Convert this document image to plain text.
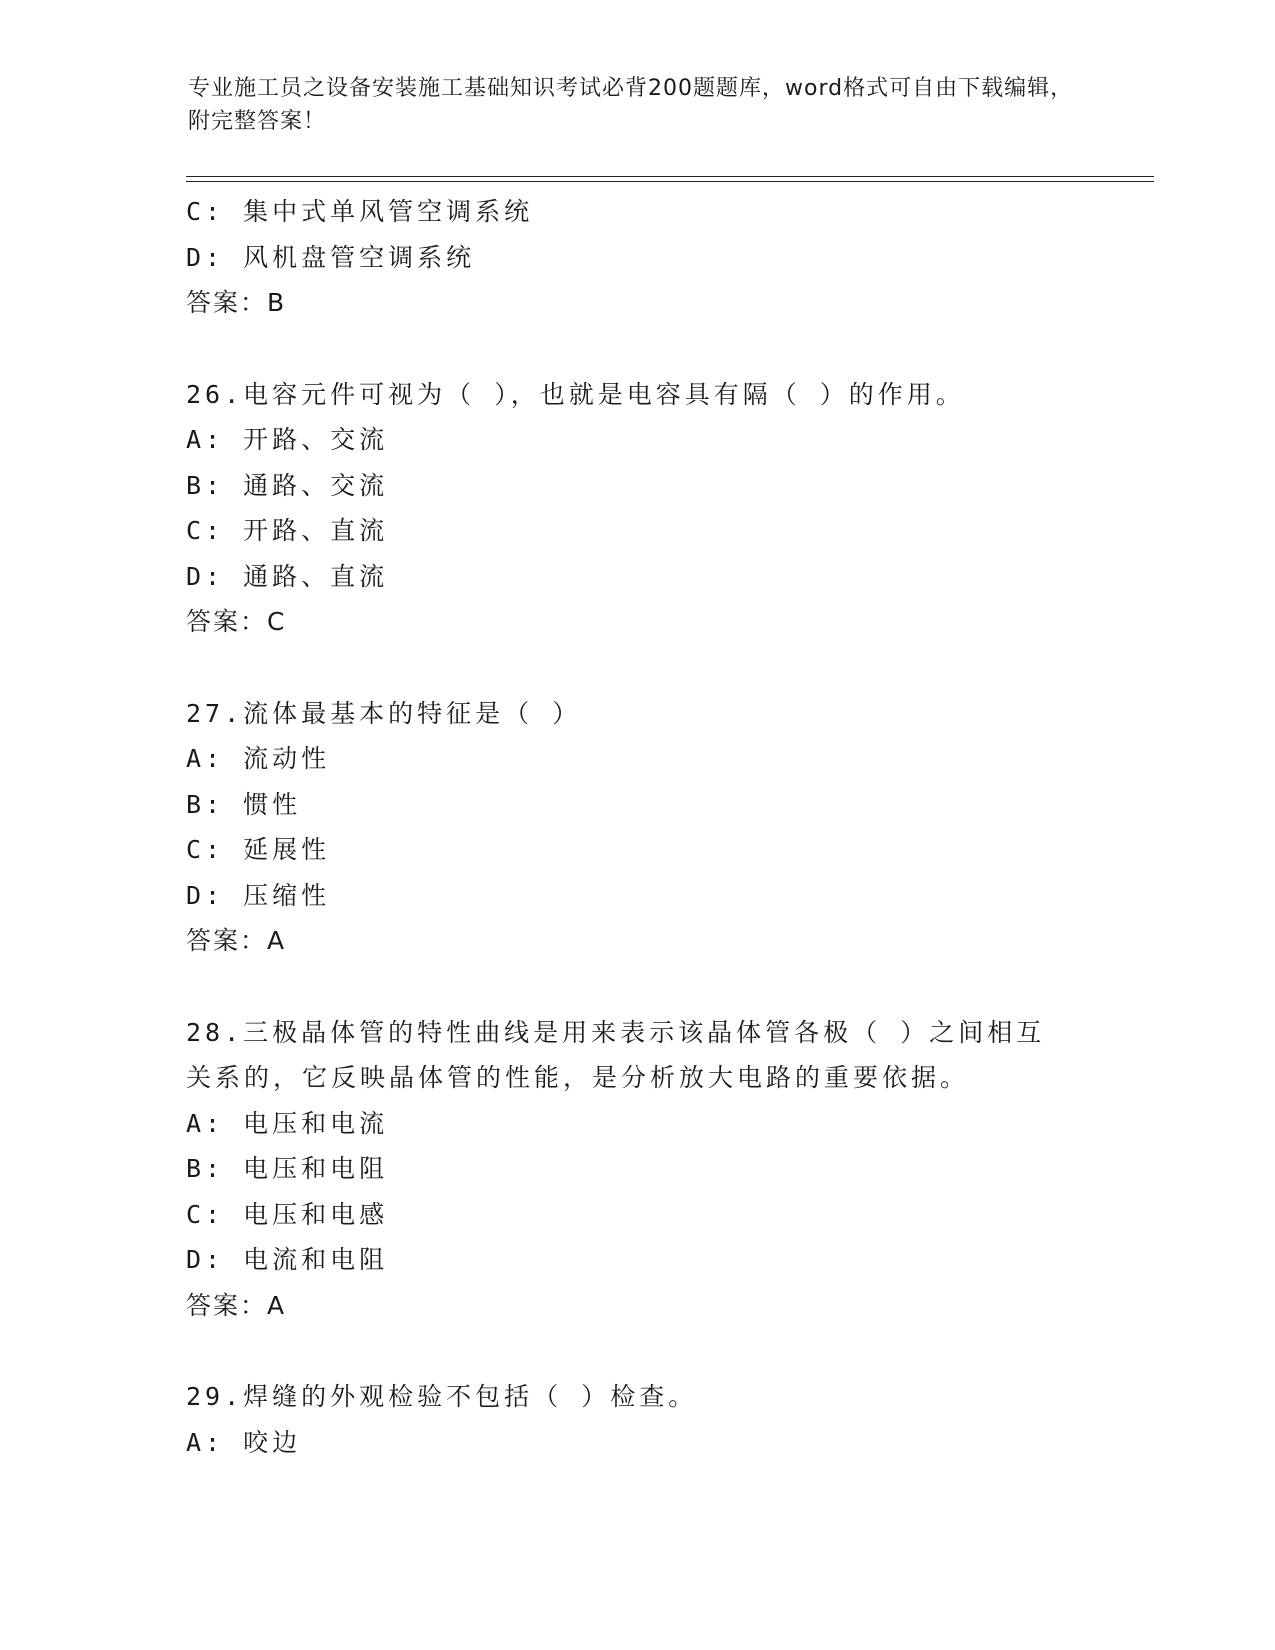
专业施工员之设备安装施工基础知识考试必背200题题库，word格式可自由下载编辑，附完整答案！
C: 集中式单风管空调系统
D: 风机盘管空调系统
答案：B
26.电容元件可视为（ ），也就是电容具有隔（ ）的作用。
A: 开路、交流
B: 通路、交流
C: 开路、直流
D: 通路、直流
答案：C
27.流体最基本的特征是（ ）
A: 流动性
B: 惯性
C: 延展性
D: 压缩性
答案：A
28.三极晶体管的特性曲线是用来表示该晶体管各极（ ）之间相互关系的，它反映晶体管的性能，是分析放大电路的重要依据。
A: 电压和电流
B: 电压和电阻
C: 电压和电感
D: 电流和电阻
答案：A
29.焊缝的外观检验不包括（ ）检查。
A: 咬边
